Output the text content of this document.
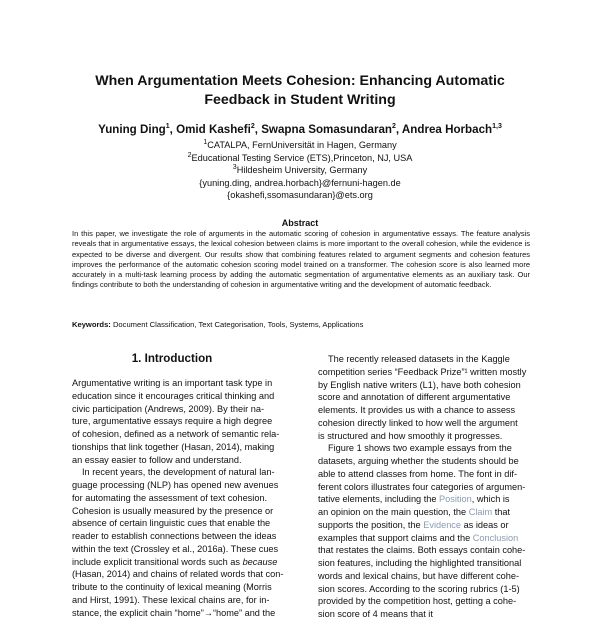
When Argumentation Meets Cohesion: Enhancing Automatic
Feedback in Student Writing
Yuning Ding$^1$, Omid Kashefi$^2$, Swapna Somasundaran$^2$, Andrea Horbach$^{1,3}$
$^1$CATALPA, FernUniversität in Hagen, Germany
$^2$Educational Testing Service (ETS),Princeton, NJ, USA
$^3$Hildesheim University, Germany
{yuning.ding, andrea.horbach}@fernuni-hagen.de
{okashefi,ssomasundaran}@ets.org
Abstract
In this paper, we investigate the role of arguments in the automatic scoring of cohesion in argumentative essays. The feature analysis reveals that in argumentative essays, the lexical cohesion between claims is more important to the overall cohesion, while the evidence is expected to be diverse and divergent. Our results show that combining features related to argument segments and cohesion features improves the performance of the automatic cohesion scoring model trained on a transformer. The cohesion score is also learned more accurately in a multi-task learning process by adding the automatic segmentation of argumentative elements as an auxiliary task. Our findings contribute to both the understanding of cohesion in argumentative writing and the development of automatic feedback.
Keywords: Document Classification, Text Categorisation, Tools, Systems, Applications
1. Introduction
Argumentative writing is an important task type in
education since it encourages critical thinking and
civic participation (Andrews, 2009). By their na-
ture, argumentative essays require a high degree
of cohesion, defined as a network of semantic rela-
tionships that link together (Hasan, 2014), making
an essay easier to follow and understand.
In recent years, the development of natural lan-
guage processing (NLP) has opened new avenues
for automating the assessment of text cohesion.
Cohesion is usually measured by the presence or
absence of certain linguistic cues that enable the
reader to establish connections between the ideas
within the text (Crossley et al., 2016a). These cues
include explicit transitional words such as because
(Hasan, 2014) and chains of related words that con-
tribute to the continuity of lexical meaning (Morris
and Hirst, 1991). These lexical chains are, for in-
stance, the explicit chain “home”→“home” and the
The recently released datasets in the Kaggle
competition series “Feedback Prize”¹ written mostly
by English native writers (L1), have both cohesion
score and annotation of different argumentative
elements. It provides us with a chance to assess
cohesion directly linked to how well the argument
is structured and how smoothly it progresses.
Figure 1 shows two example essays from the
datasets, arguing whether the students should be
able to attend classes from home. The font in dif-
ferent colors illustrates four categories of argumen-
tative elements, including the Position, which is
an opinion on the main question, the Claim that
supports the position, the Evidence as ideas or
examples that support claims and the Conclusion
that restates the claims. Both essays contain cohe-
sion features, including the highlighted transitional
words and lexical chains, but have different cohe-
sion scores. According to the scoring rubrics (1-5)
provided by the competition host, getting a cohe-
sion score of 4 means that it
